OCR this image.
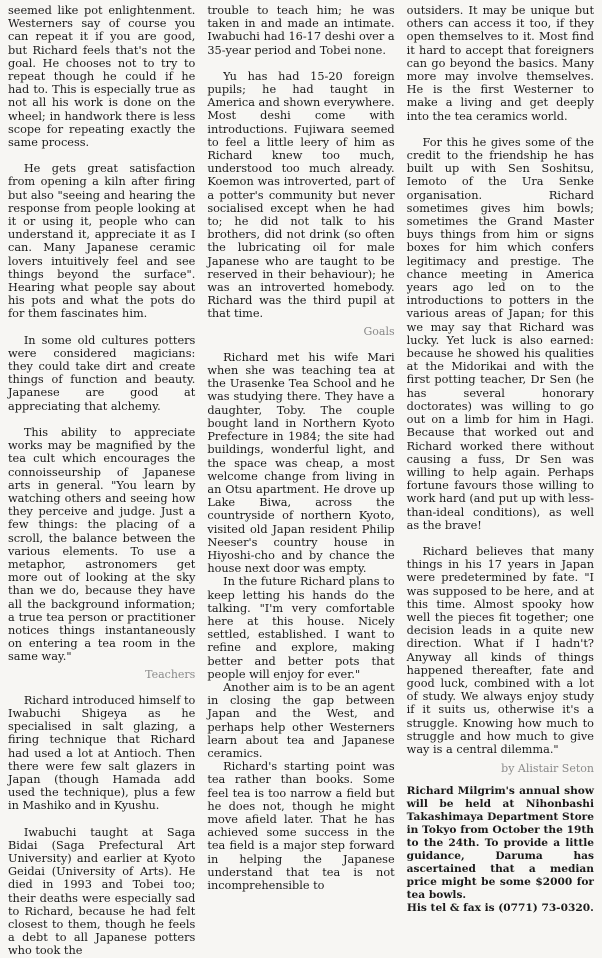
seemed like pot enlightenment. Westerners say of course you can repeat it if you are good, but Richard feels that's not the goal. He chooses not to try to repeat though he could if he had to. This is especially true as not all his work is done on the wheel; in handwork there is less scope for repeating exactly the same process.

He gets great satisfaction from opening a kiln after firing but also "seeing and hearing the response from people looking at it or using it, people who can understand it, appreciate it as I can. Many Japanese ceramic lovers intuitively feel and see things beyond the surface". Hearing what people say about his pots and what the pots do for them fascinates him.

In some old cultures potters were considered magicians: they could take dirt and create things of function and beauty. Japanese are good at appreciating that alchemy.

This ability to appreciate works may be magnified by the tea cult which encourages the connoisseurship of Japanese arts in general. "You learn by watching others and seeing how they perceive and judge. Just a few things: the placing of a scroll, the balance between the various elements. To use a metaphor, astronomers get more out of looking at the sky than we do, because they have all the background information; a true tea person or practitioner notices things instantaneously on entering a tea room in the same way."

Teachers

Richard introduced himself to Iwabuchi Shigeya as he specialised in salt glazing, a firing technique that Richard had used a lot at Antioch. Then there were few salt glazers in Japan (though Hamada add used the technique), plus a few in Mashiko and in Kyushu.

Iwabuchi taught at Saga Bidai (Saga Prefectural Art University) and earlier at Kyoto Geidai (University of Arts). He died in 1993 and Tobei too; their deaths were especially sad to Richard, because he had felt closest to them, though he feels a debt to all Japanese potters who took the

trouble to teach him; he was taken in and made an intimate. Iwabuchi had 16-17 deshi over a 35-year period and Tobei none.

Yu has had 15-20 foreign pupils; he had taught in America and shown everywhere. Most deshi come with introductions. Fujiwara seemed to feel a little leery of him as Richard knew too much, understood too much already. Koemon was introverted, part of a potter's community but never socialised except when he had to; he did not talk to his brothers, did not drink (so often the lubricating oil for male Japanese who are taught to be reserved in their behaviour); he was an introverted homebody. Richard was the third pupil at that time.

Goals

Richard met his wife Mari when she was teaching tea at the Urasenke Tea School and he was studying there. They have a daughter, Toby. The couple bought land in Northern Kyoto Prefecture in 1984; the site had buildings, wonderful light, and the space was cheap, a most welcome change from living in an Otsu apartment. He drove up Lake Biwa, across the countryside of northern Kyoto, visited old Japan resident Philip Neeser's country house in Hiyoshi-cho and by chance the house next door was empty.

In the future Richard plans to keep letting his hands do the talking. "I'm very comfortable here at this house. Nicely settled, established. I want to refine and explore, making better and better pots that people will enjoy for ever."

Another aim is to be an agent in closing the gap between Japan and the West, and perhaps help other Westerners learn about tea and Japanese ceramics.

Richard's starting point was tea rather than books. Some feel tea is too narrow a field but he does not, though he might move afield later. That he has achieved some success in the tea field is a major step forward in helping the Japanese understand that tea is not incomprehensible to

outsiders. It may be unique but others can access it too, if they open themselves to it. Most find it hard to accept that foreigners can go beyond the basics. Many more may involve themselves. He is the first Westerner to make a living and get deeply into the tea ceramics world.

For this he gives some of the credit to the friendship he has built up with Sen Soshitsu, Iemoto of the Ura Senke organisation. Richard sometimes gives him bowls; sometimes the Grand Master buys things from him or signs boxes for him which confers legitimacy and prestige. The chance meeting in America years ago led on to the introductions to potters in the various areas of Japan; for this we may say that Richard was lucky. Yet luck is also earned: because he showed his qualities at the Midorikai and with the first potting teacher, Dr Sen (he has several honorary doctorates) was willing to go out on a limb for him in Hagi. Because that worked out and Richard worked there without causing a fuss, Dr Sen was willing to help again. Perhaps fortune favours those willing to work hard (and put up with less-than-ideal conditions), as well as the brave!

Richard believes that many things in his 17 years in Japan were predetermined by fate. "I was supposed to be here, and at this time. Almost spooky how well the pieces fit together; one decision leads in a quite new direction. What if I hadn't? Anyway all kinds of things happened thereafter, fate and good luck, combined with a lot of study. We always enjoy study if it suits us, otherwise it's a struggle. Knowing how much to struggle and how much to give way is a central dilemma."

by Alistair Seton
Richard Milgrim's annual show will be held at Nihonbashi Takashimaya Department Store in Tokyo from October the 19th to the 24th. To provide a little guidance, Daruma has ascertained that a median price might be some $2000 for tea bowls.
His tel & fax is (0771) 73-0320.
